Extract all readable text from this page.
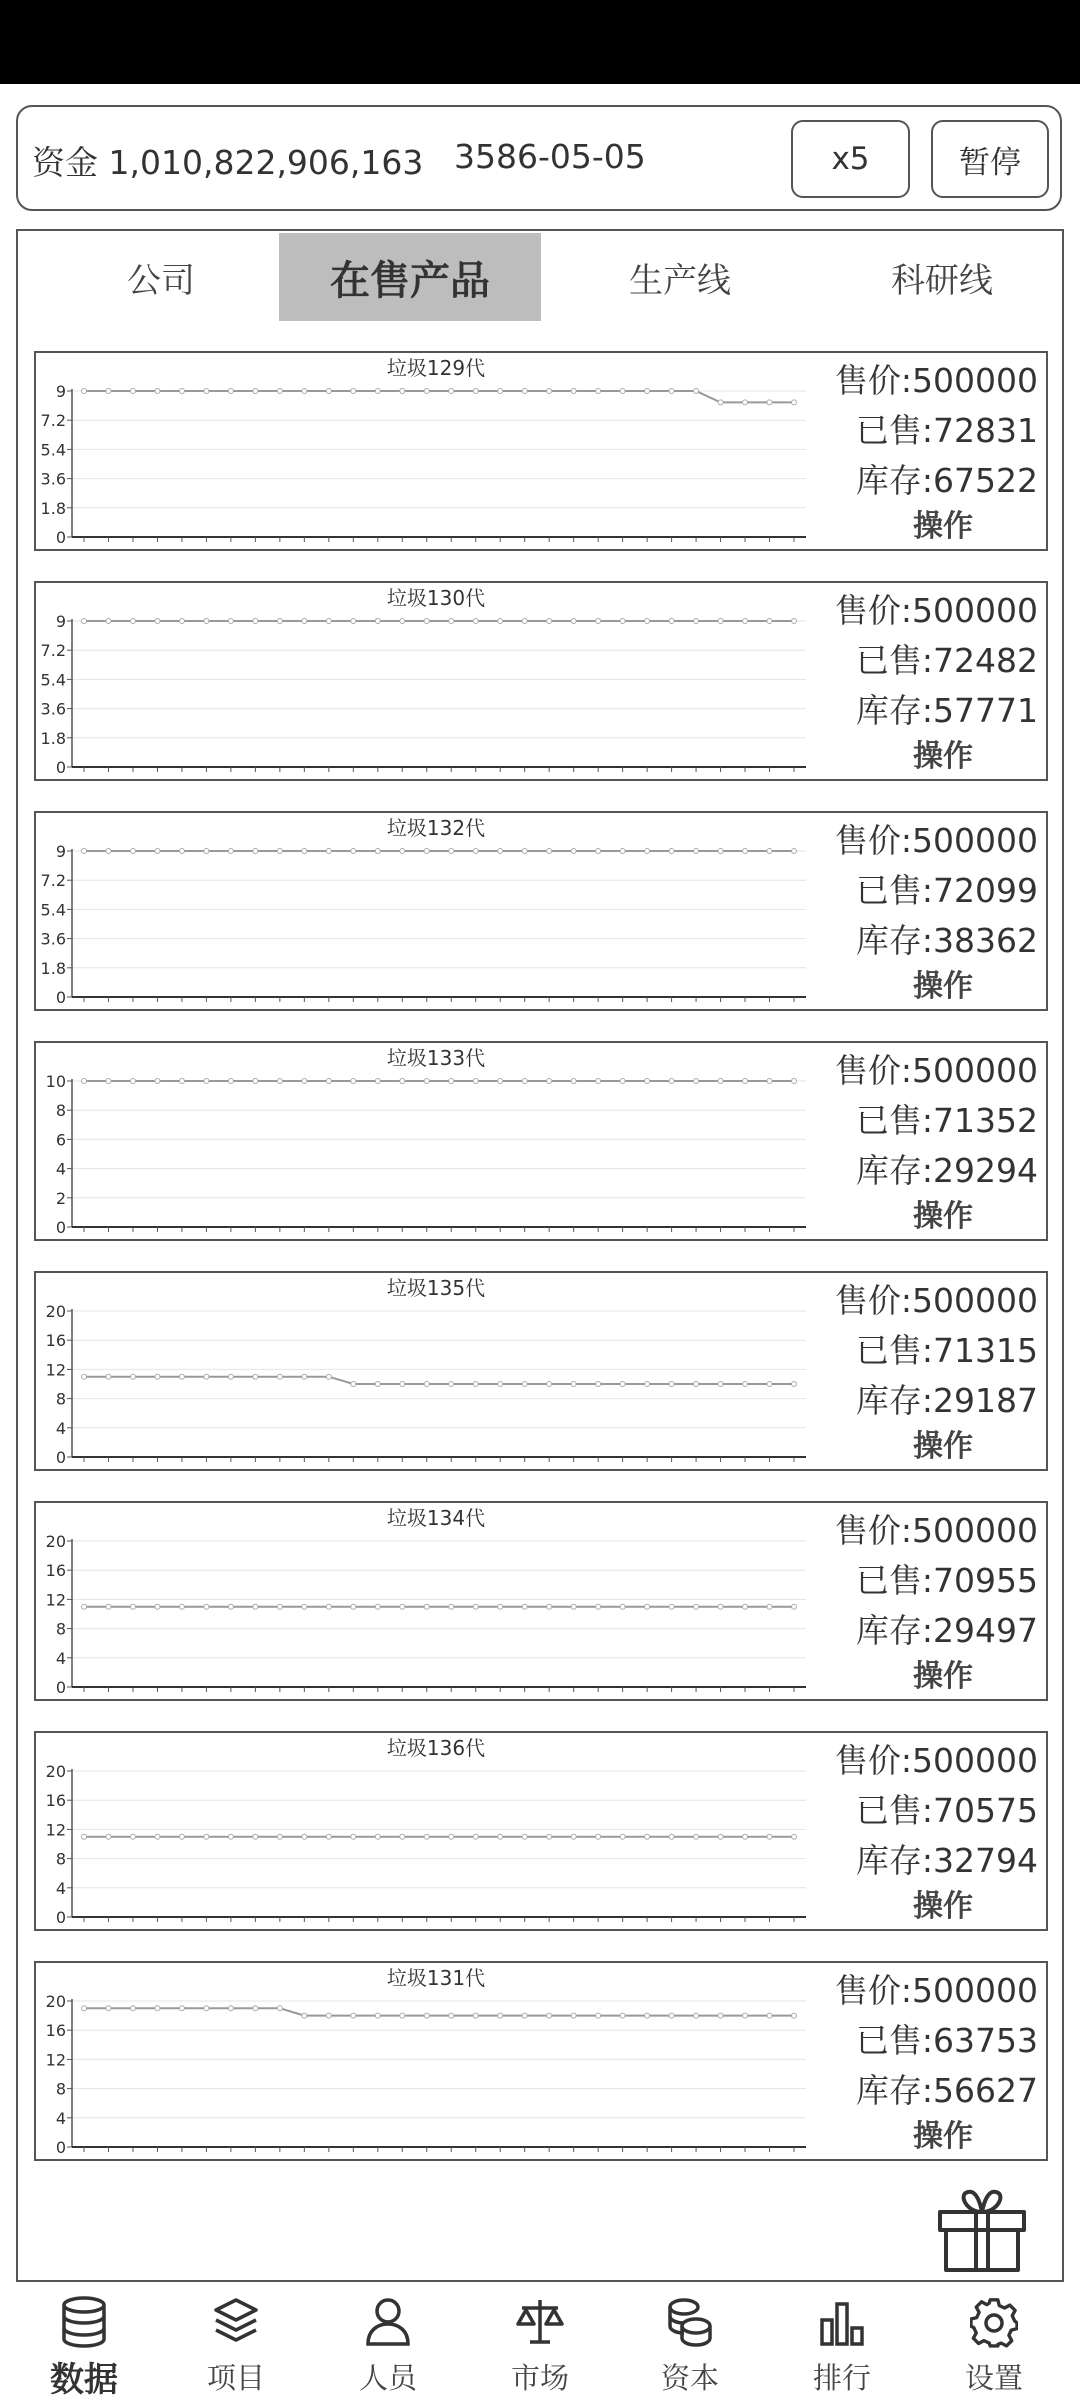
资金 1,010,822,906,163 3586-05-05	x5	暂停
公司	在售产品	生产线	科研线
垃圾129代
0
1.8
3.6
5.4
7.2
9	售价:500000
已售:72831
库存:67522
操作
垃圾130代
0
1.8
3.6
5.4
7.2
9	售价:500000
已售:72482
库存:57771
操作
垃圾132代
0
1.8
3.6
5.4
7.2
9	售价:500000
已售:72099
库存:38362
操作
垃圾133代
0
2
4
6
8
10	售价:500000
已售:71352
库存:29294
操作
垃圾135代
0
4
8
12
16
20	售价:500000
已售:71315
库存:29187
操作
垃圾134代
0
4
8
12
16
20	售价:500000
已售:70955
库存:29497
操作
垃圾136代
0
4
8
12
16
20	售价:500000
已售:70575
库存:32794
操作
垃圾131代
0
4
8
12
16
20	售价:500000
已售:63753
库存:56627
操作
数据	项目	人员	市场	资本	排行	设置
